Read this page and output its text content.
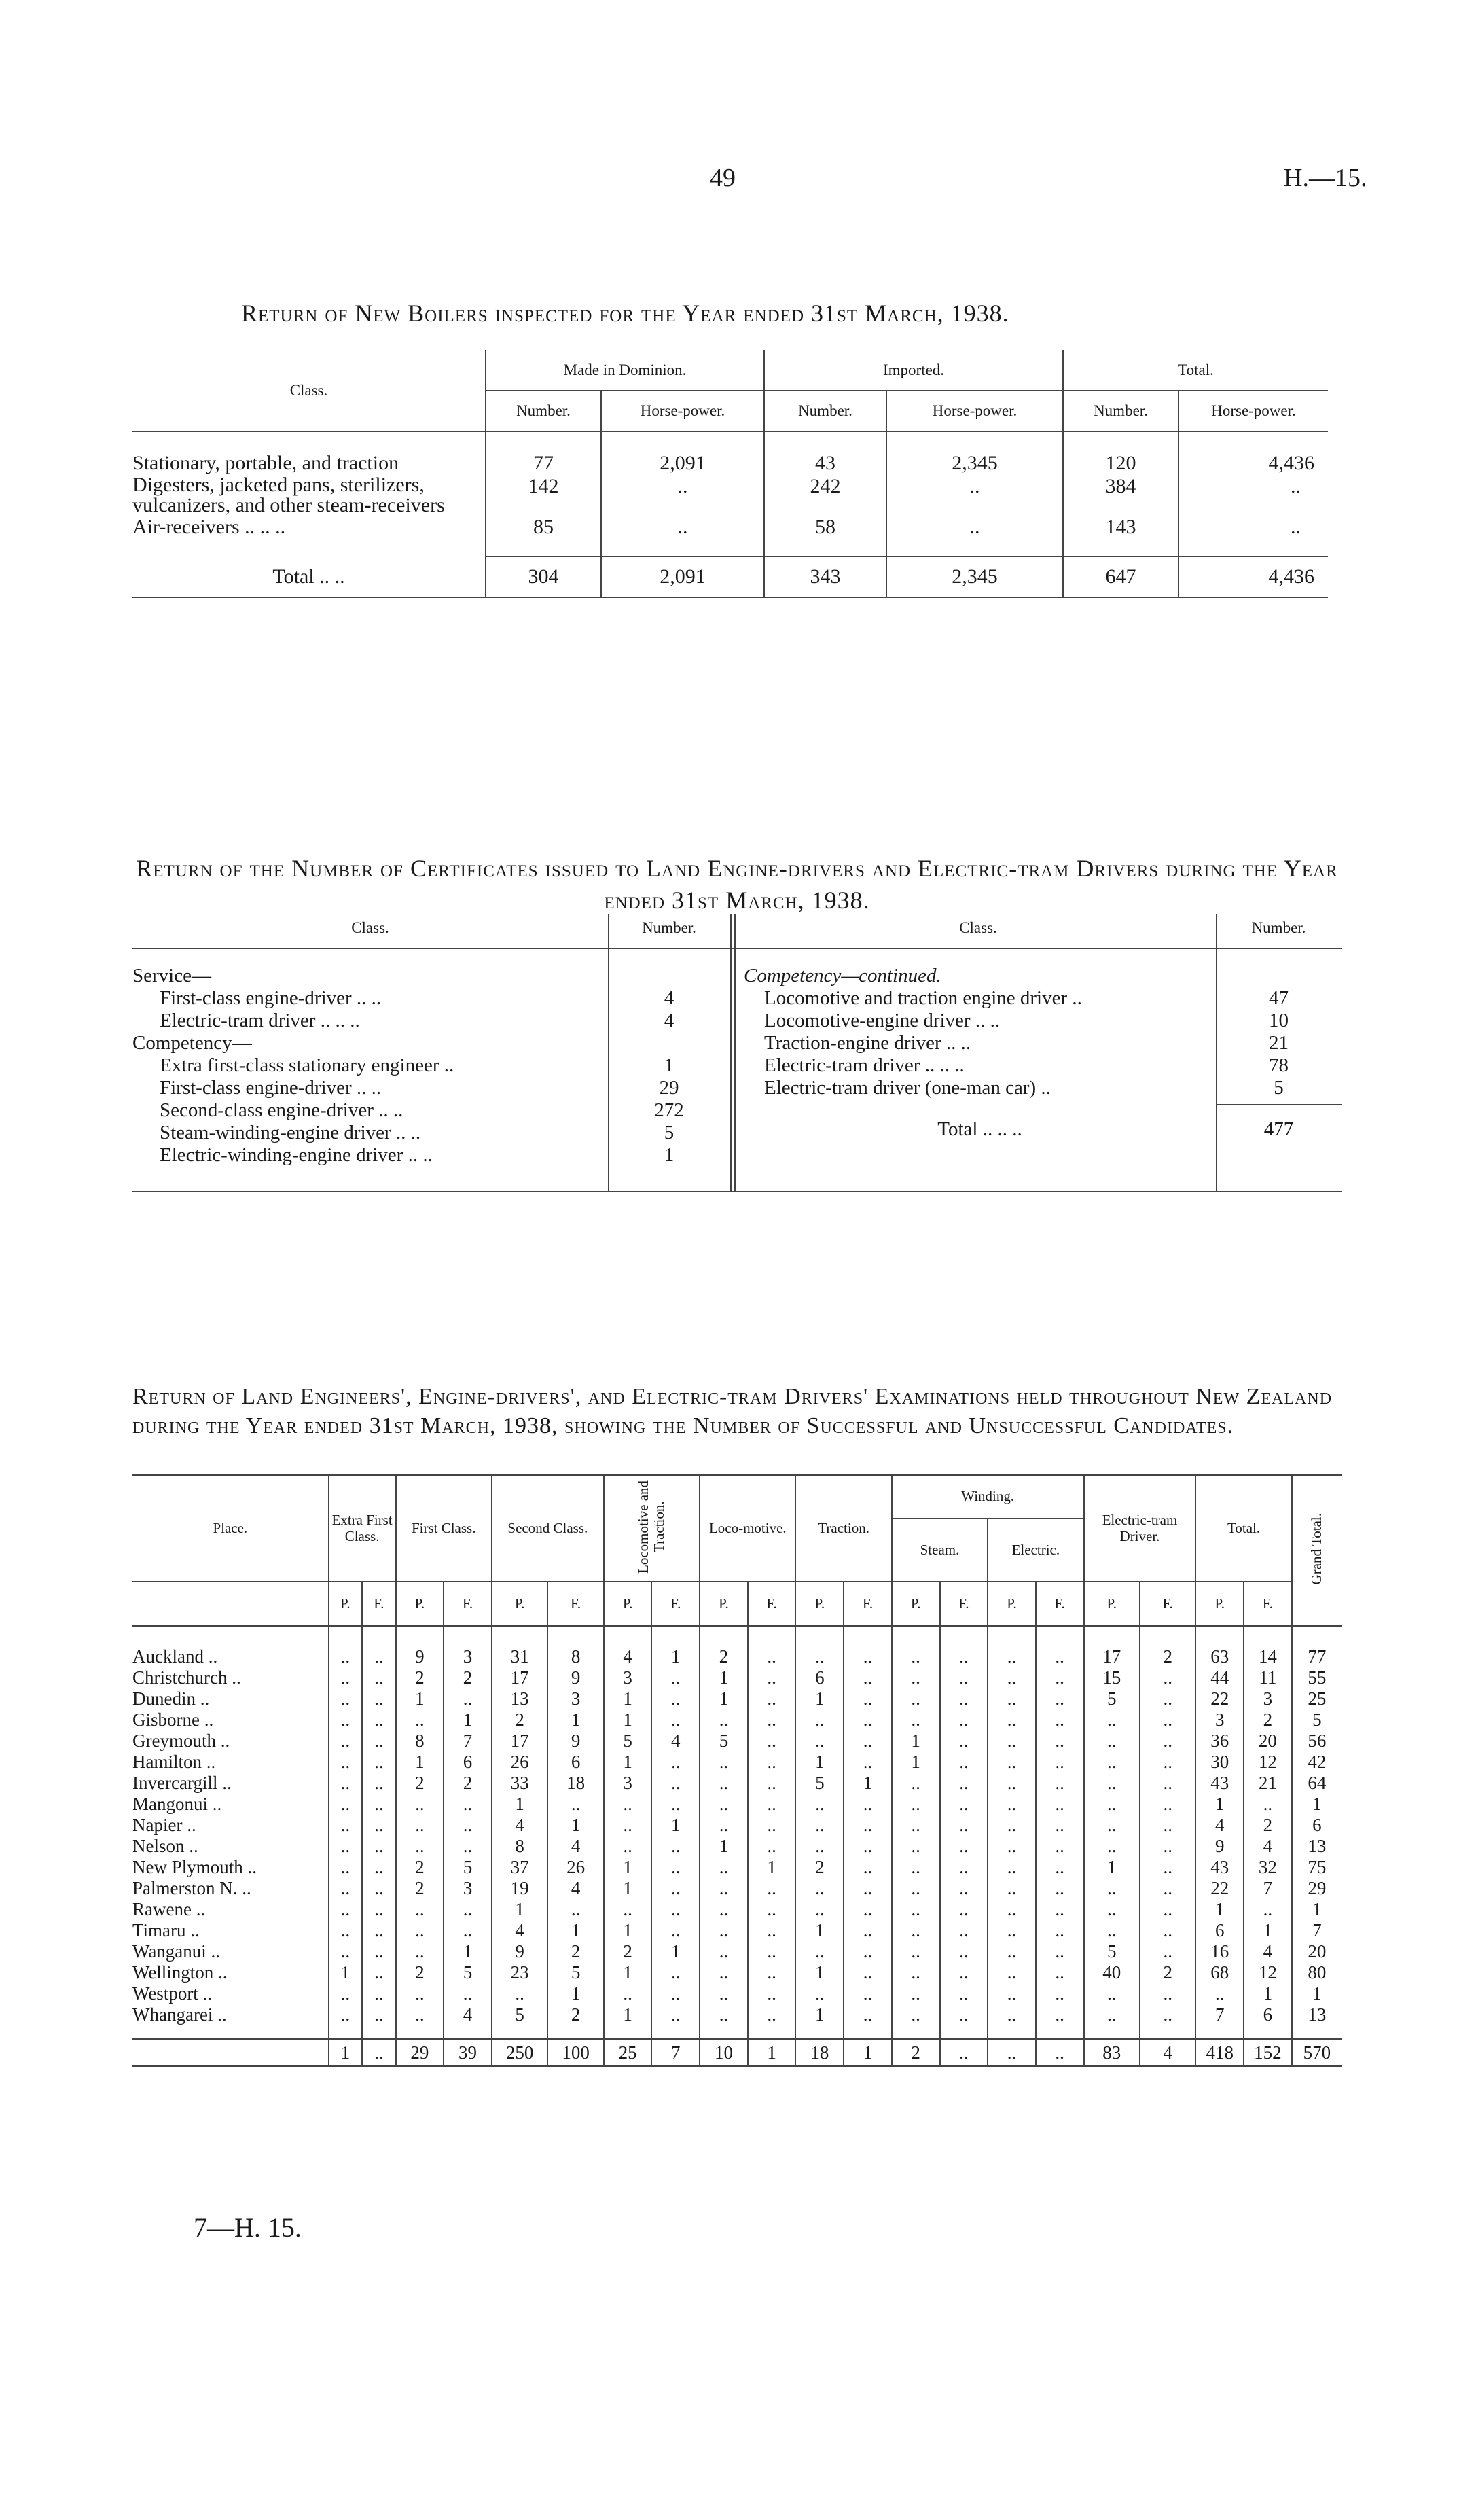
49	H.—15.
Return of New Boilers inspected for the Year ended 31st March, 1938.
Class.	Made in Dominion.		Imported.		Total.	
	Number.	Horse-power.	Number.	Horse-power.	Number.	Horse-power.

Stationary, portable, and traction	77	2,091	43	2,345	120	4,436
Digesters, jacketed pans, sterilizers, vulcanizers, and other steam-receivers	142	..	242	..	384	..
Air-receivers .. .. ..	85	..	58	..	143	..
Total .. ..	304	2,091	343	2,345	647	4,436
Return of the Number of Certificates issued to Land Engine-drivers and Electric-tram Drivers during the Year ended 31st March, 1938.
Class.	Number.	Class.	Number.
Service—
First-class engine-driver .. ..	4
Electric-tram driver .. .. ..	4
Competency—
Extra first-class stationary engineer ..	1
First-class engine-driver .. ..	29
Second-class engine-driver .. ..	272
Steam-winding-engine driver .. ..	5
Electric-winding-engine driver .. ..	1
Competency—continued.
Locomotive and traction engine driver ..	47
Locomotive-engine driver .. ..	10
Traction-engine driver .. ..	21
Electric-tram driver .. .. ..	78
Electric-tram driver (one-man car) ..	5
Total .. .. ..	477
Return of Land Engineers', Engine-drivers', and Electric-tram Drivers' Examinations held throughout New Zealand during the Year ended 31st March, 1938, showing the Number of Successful and Unsuccessful Candidates.
Place.	Extra First Class.		First Class.		Second Class.		Locomotive and Traction.		Loco-motive.		Traction.		Winding.				Electric-tram Driver.		Total.		Grand Total.
													Steam.		Electric.						
	P.	F.	P.	F.	P.	F.	P.	F.	P.	F.	P.	F.	P.	F.	P.	F.	P.	F.	P.	F.	

Auckland ..	..	..	9	3	31	8	4	1	2	..	..	..	..	..	..	..	17	2	63	14	77
Christchurch ..	..	..	2	2	17	9	3	..	1	..	6	..	..	..	..	..	15	..	44	11	55
Dunedin ..	..	..	1	..	13	3	1	..	1	..	1	..	..	..	..	..	5	..	22	3	25
Gisborne ..	..	..	..	1	2	1	1	..	..	..	..	..	..	..	..	..	..	..	3	2	5
Greymouth ..	..	..	8	7	17	9	5	4	5	..	..	..	1	..	..	..	..	..	36	20	56
Hamilton ..	..	..	1	6	26	6	1	..	..	..	1	..	1	..	..	..	..	..	30	12	42
Invercargill ..	..	..	2	2	33	18	3	..	..	..	5	1	..	..	..	..	..	..	43	21	64
Mangonui ..	..	..	..	..	1	..	..	..	..	..	..	..	..	..	..	..	..	..	1	..	1
Napier ..	..	..	..	..	4	1	..	1	..	..	..	..	..	..	..	..	..	..	4	2	6
Nelson ..	..	..	..	..	8	4	..	..	1	..	..	..	..	..	..	..	..	..	9	4	13
New Plymouth ..	..	..	2	5	37	26	1	..	..	1	2	..	..	..	..	..	1	..	43	32	75
Palmerston N. ..	..	..	2	3	19	4	1	..	..	..	..	..	..	..	..	..	..	..	22	7	29
Rawene ..	..	..	..	..	1	..	..	..	..	..	..	..	..	..	..	..	..	..	1	..	1
Timaru ..	..	..	..	..	4	1	1	..	..	..	1	..	..	..	..	..	..	..	6	1	7
Wanganui ..	..	..	..	1	9	2	2	1	..	..	..	..	..	..	..	..	5	..	16	4	20
Wellington ..	1	..	2	5	23	5	1	..	..	..	1	..	..	..	..	..	40	2	68	12	80
Westport ..	..	..	..	..	..	1	..	..	..	..	..	..	..	..	..	..	..	..	..	1	1
Whangarei ..	..	..	..	4	5	2	1	..	..	..	1	..	..	..	..	..	..	..	7	6	13

	1	..	29	39	250	100	25	7	10	1	18	1	2	..	..	..	83	4	418	152	570
7—H. 15.
